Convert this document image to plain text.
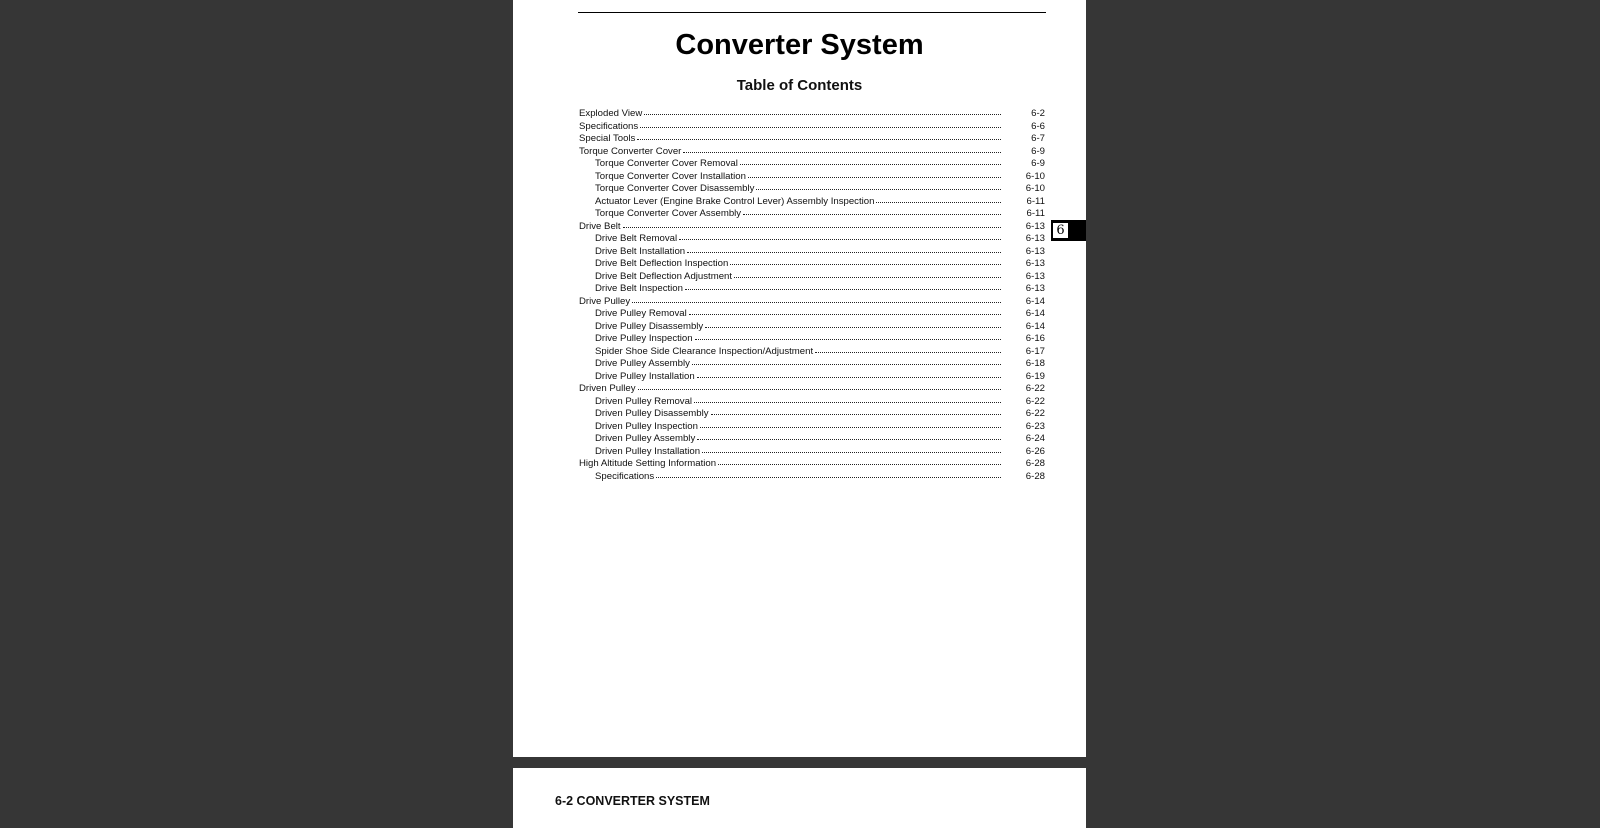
Converter System
Table of Contents
Exploded View	6-2
Specifications	6-6
Special Tools	6-7
Torque Converter Cover	6-9
Torque Converter Cover Removal	6-9
Torque Converter Cover Installation	6-10
Torque Converter Cover Disassembly	6-10
Actuator Lever (Engine Brake Control Lever) Assembly Inspection	6-11
Torque Converter Cover Assembly	6-11
Drive Belt	6-13
Drive Belt Removal	6-13
Drive Belt Installation	6-13
Drive Belt Deflection Inspection	6-13
Drive Belt Deflection Adjustment	6-13
Drive Belt Inspection	6-13
Drive Pulley	6-14
Drive Pulley Removal	6-14
Drive Pulley Disassembly	6-14
Drive Pulley Inspection	6-16
Spider Shoe Side Clearance Inspection/Adjustment	6-17
Drive Pulley Assembly	6-18
Drive Pulley Installation	6-19
Driven Pulley	6-22
Driven Pulley Removal	6-22
Driven Pulley Disassembly	6-22
Driven Pulley Inspection	6-23
Driven Pulley Assembly	6-24
Driven Pulley Installation	6-26
High Altitude Setting Information	6-28
Specifications	6-28
6
6-2 CONVERTER SYSTEM
